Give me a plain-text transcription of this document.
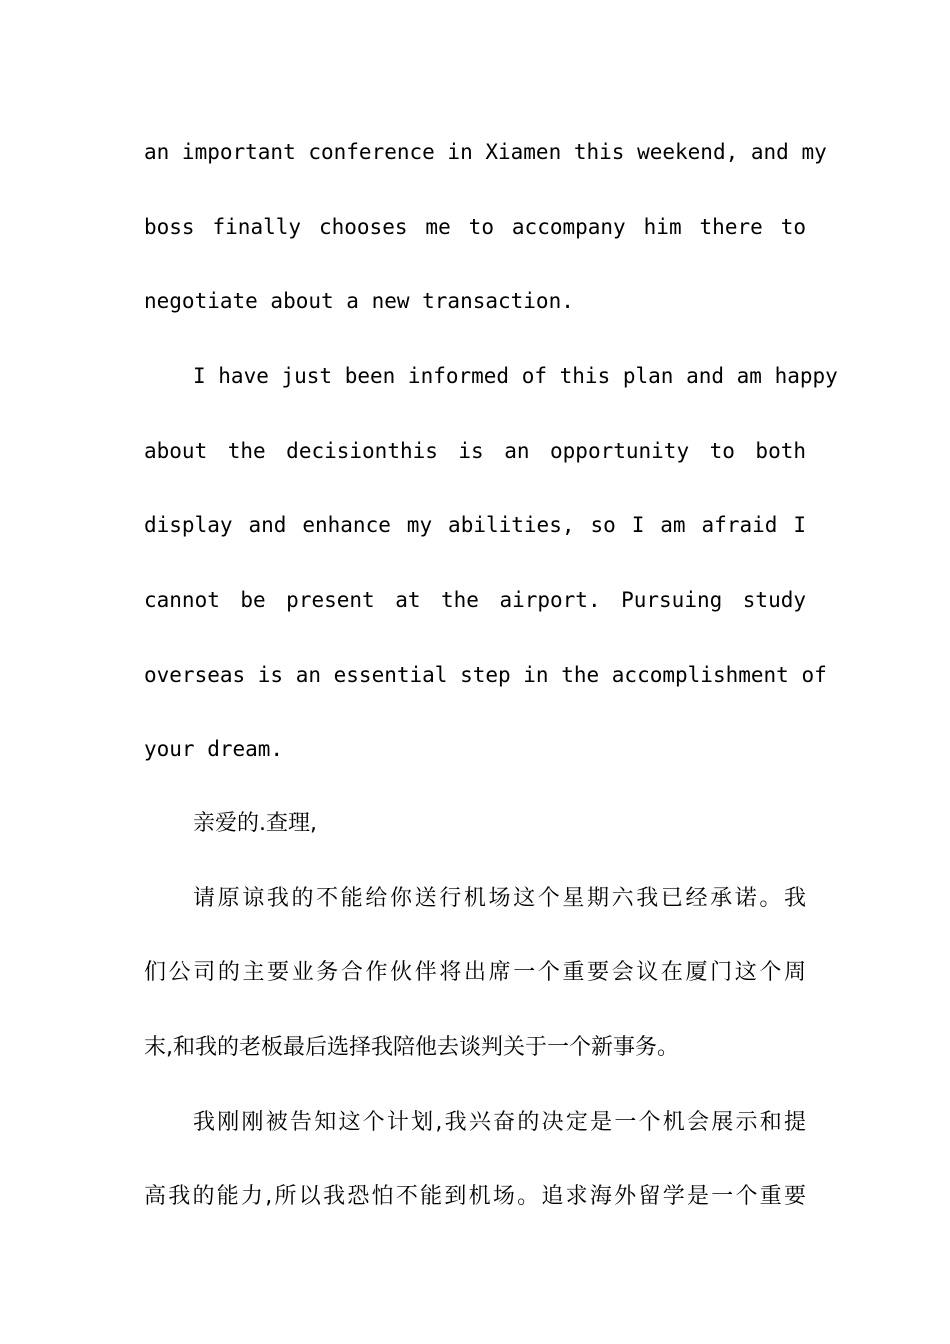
an important conference in Xiamen this weekend, and my
boss finally chooses me to accompany him there to
negotiate about a new transaction.
I have just been informed of this plan and am happy
about the decisionthis is an opportunity to both
display and enhance my abilities, so I am afraid I
cannot be present at the airport. Pursuing study
overseas is an essential step in the accomplishment of
your dream.
亲爱的.查理,
请原谅我的不能给你送行机场这个星期六我已经承诺。我
们公司的主要业务合作伙伴将出席一个重要会议在厦门这个周
末,和我的老板最后选择我陪他去谈判关于一个新事务。
我刚刚被告知这个计划,我兴奋的决定是一个机会展示和提
高我的能力,所以我恐怕不能到机场。追求海外留学是一个重要
